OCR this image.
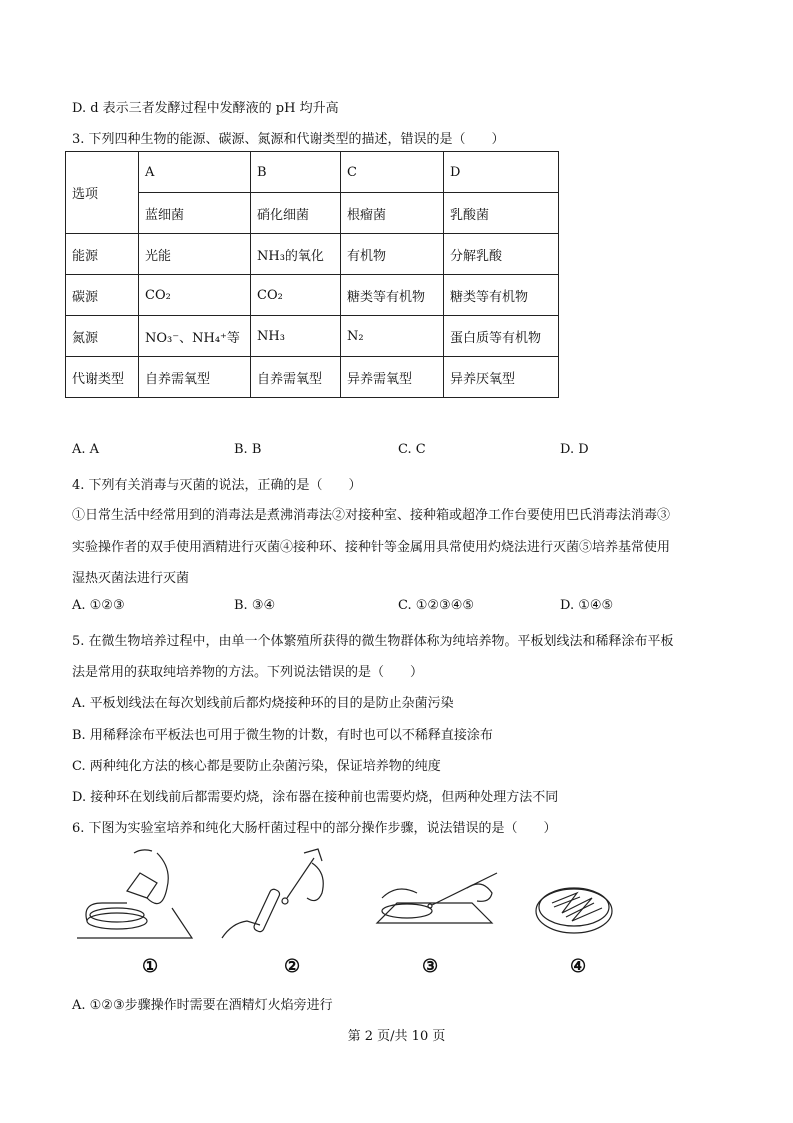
D. d 表示三者发酵过程中发酵液的 pH 均升高
3. 下列四种生物的能源、碳源、氮源和代谢类型的描述，错误的是（　　）
选项	A	B	C	D
	蓝细菌	硝化细菌	根瘤菌	乳酸菌
能源	光能	NH₃的氧化	有机物	分解乳酸
碳源	CO₂	CO₂	糖类等有机物	糖类等有机物
氮源	NO₃⁻、NH₄⁺等	NH₃	N₂	蛋白质等有机物
代谢类型	自养需氧型	自养需氧型	异养需氧型	异养厌氧型
A. A	B. B	C. C	D. D
4. 下列有关消毒与灭菌的说法，正确的是（　　）
①日常生活中经常用到的消毒法是煮沸消毒法②对接种室、接种箱或超净工作台要使用巴氏消毒法消毒③
实验操作者的双手使用酒精进行灭菌④接种环、接种针等金属用具常使用灼烧法进行灭菌⑤培养基常使用
湿热灭菌法进行灭菌
A. ①②③	B. ③④	C. ①②③④⑤	D. ①④⑤
5. 在微生物培养过程中，由单一个体繁殖所获得的微生物群体称为纯培养物。平板划线法和稀释涂布平板
法是常用的获取纯培养物的方法。下列说法错误的是（　　）
A. 平板划线法在每次划线前后都灼烧接种环的目的是防止杂菌污染
B. 用稀释涂布平板法也可用于微生物的计数，有时也可以不稀释直接涂布
C. 两种纯化方法的核心都是要防止杂菌污染，保证培养物的纯度
D. 接种环在划线前后都需要灼烧，涂布器在接种前也需要灼烧，但两种处理方法不同
6. 下图为实验室培养和纯化大肠杆菌过程中的部分操作步骤，说法错误的是（　　）
①	②	③	④
A. ①②③步骤操作时需要在酒精灯火焰旁进行
第 2 页/共 10 页
